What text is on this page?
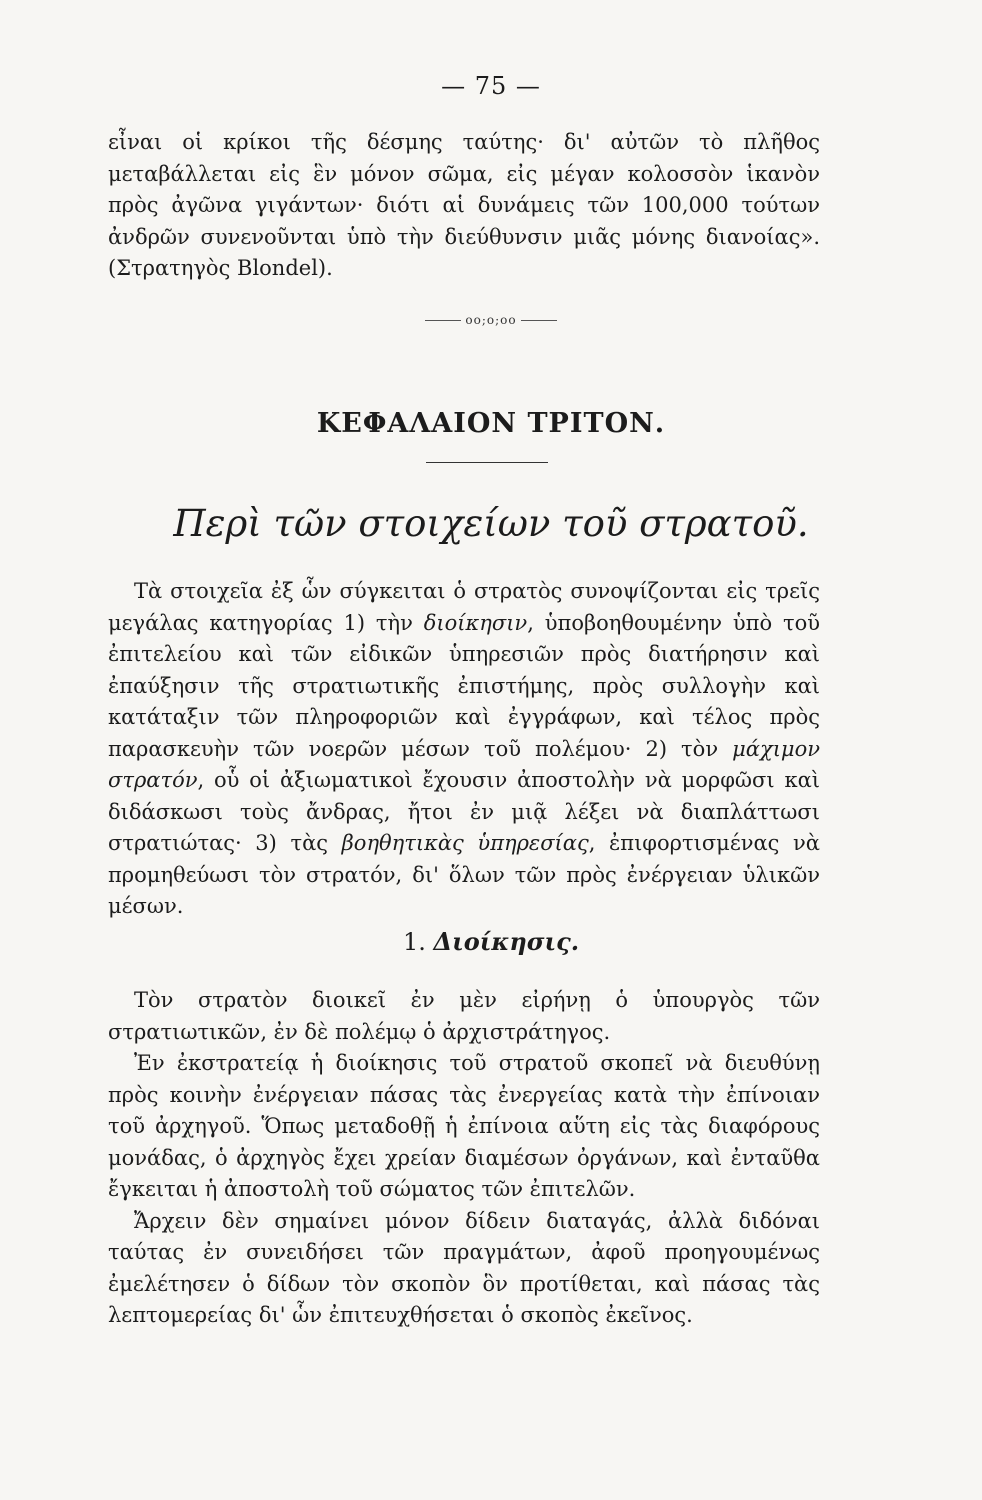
— 75 —

εἶναι οἱ κρίκοι τῆς δέσμης ταύτης· δι' αὐτῶν τὸ πλῆθος μεταβάλλεται εἰς ἓν μόνον σῶμα, εἰς μέγαν κολοσσὸν ἱκανὸν πρὸς ἀγῶνα γιγάντων· διότι αἱ δυνάμεις τῶν 100,000 τούτων ἀνδρῶν συνενοῦνται ὑπὸ τὴν διεύθυνσιν μιᾶς μόνης διανοίας». (Στρατηγὸς Blondel).

oo;o;oo
ΚΕΦΑΛΑΙΟΝ ΤΡΙΤΟΝ.
Περὶ τῶν στοιχείων τοῦ στρατοῦ.

Τὰ στοιχεῖα ἐξ ὧν σύγκειται ὁ στρατὸς συνοψίζονται εἰς τρεῖς μεγάλας κατηγορίας 1) τὴν διοίκησιν, ὑποβοηθουμένην ὑπὸ τοῦ ἐπιτελείου καὶ τῶν εἰδικῶν ὑπηρεσιῶν πρὸς διατήρησιν καὶ ἐπαύξησιν τῆς στρατιωτικῆς ἐπιστήμης, πρὸς συλλογὴν καὶ κατάταξιν τῶν πληροφοριῶν καὶ ἐγγράφων, καὶ τέλος πρὸς παρασκευὴν τῶν νοερῶν μέσων τοῦ πολέμου· 2) τὸν μάχιμον στρατόν, οὗ οἱ ἀξιωματικοὶ ἔχουσιν ἀποστολὴν νὰ μορφῶσι καὶ διδάσκωσι τοὺς ἄνδρας, ἤτοι ἐν μιᾷ λέξει νὰ διαπλάττωσι στρατιώτας· 3) τὰς βοηθητικὰς ὑπηρεσίας, ἐπιφορτισμένας νὰ προμηθεύωσι τὸν στρατόν, δι' ὅλων τῶν πρὸς ἐνέργειαν ὑλικῶν μέσων.

1. Διοίκησις.

Τὸν στρατὸν διοικεῖ ἐν μὲν εἰρήνῃ ὁ ὑπουργὸς τῶν στρατιωτικῶν, ἐν δὲ πολέμῳ ὁ ἀρχιστράτηγος.

Ἐν ἐκστρατείᾳ ἡ διοίκησις τοῦ στρατοῦ σκοπεῖ νὰ διευθύνῃ πρὸς κοινὴν ἐνέργειαν πάσας τὰς ἐνεργείας κατὰ τὴν ἐπίνοιαν τοῦ ἀρχηγοῦ. Ὅπως μεταδοθῇ ἡ ἐπίνοια αὕτη εἰς τὰς διαφόρους μονάδας, ὁ ἀρχηγὸς ἔχει χρείαν διαμέσων ὀργάνων, καὶ ἐνταῦθα ἔγκειται ἡ ἀποστολὴ τοῦ σώματος τῶν ἐπιτελῶν.

Ἄρχειν δὲν σημαίνει μόνον δίδειν διαταγάς, ἀλλὰ διδόναι ταύτας ἐν συνειδήσει τῶν πραγμάτων, ἀφοῦ προηγουμένως ἐμελέτησεν ὁ δίδων τὸν σκοπὸν ὃν προτίθεται, καὶ πάσας τὰς λεπτομερείας δι' ὧν ἐπιτευχθήσεται ὁ σκοπὸς ἐκεῖνος.
